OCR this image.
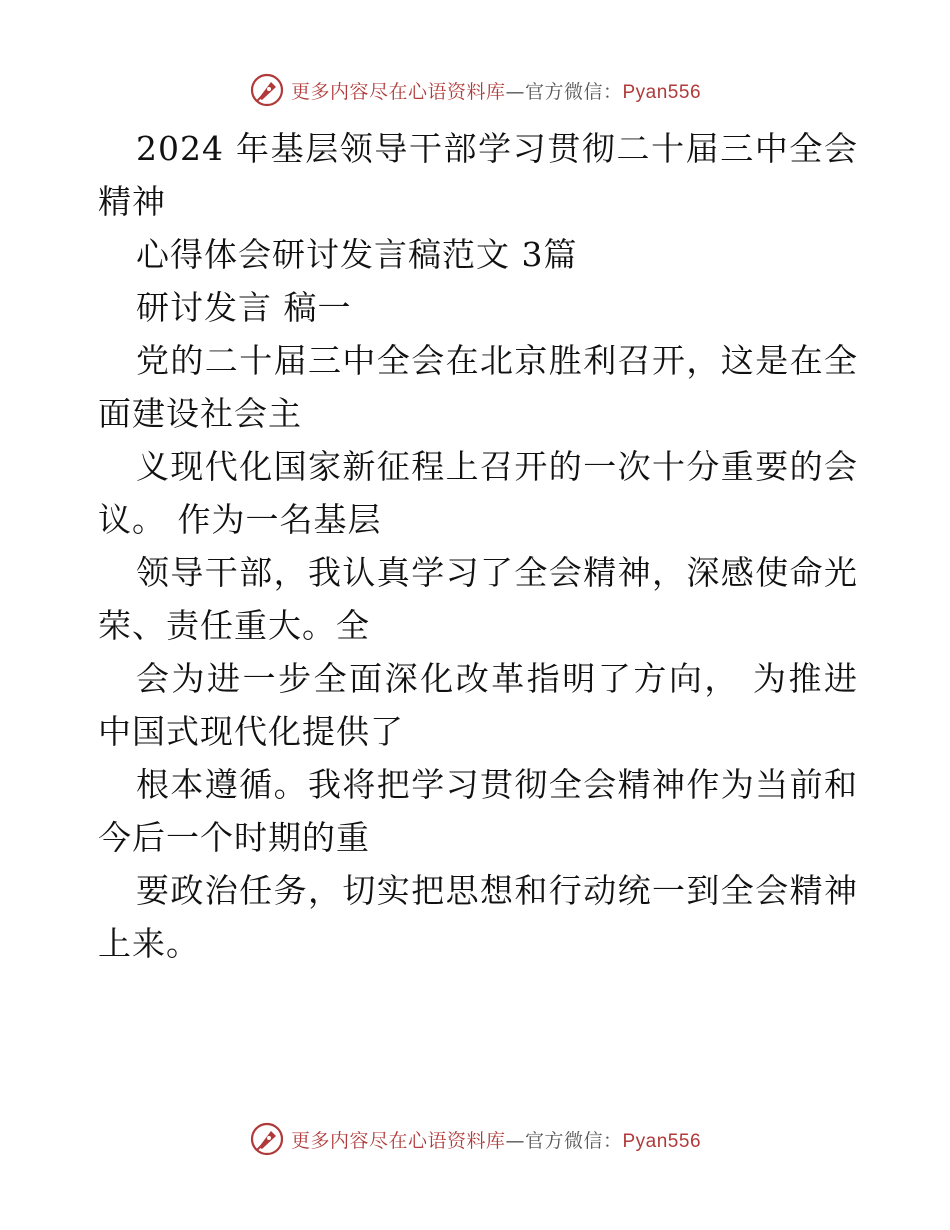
更多内容尽在心语资料库—官方微信：Pyan556

2024 年基层领导干部学习贯彻二十届三中全会精神

心得体会研讨发言稿范文 3篇

研讨发言 稿一

党的二十届三中全会在北京胜利召开，这是在全面建设社会主

义现代化国家新征程上召开的一次十分重要的会议。 作为一名基层

领导干部，我认真学习了全会精神，深感使命光荣、责任重大。全

会为进一步全面深化改革指明了方向， 为推进中国式现代化提供了

根本遵循。我将把学习贯彻全会精神作为当前和今后一个时期的重

要政治任务，切实把思想和行动统一到全会精神上来。

更多内容尽在心语资料库—官方微信：Pyan556
